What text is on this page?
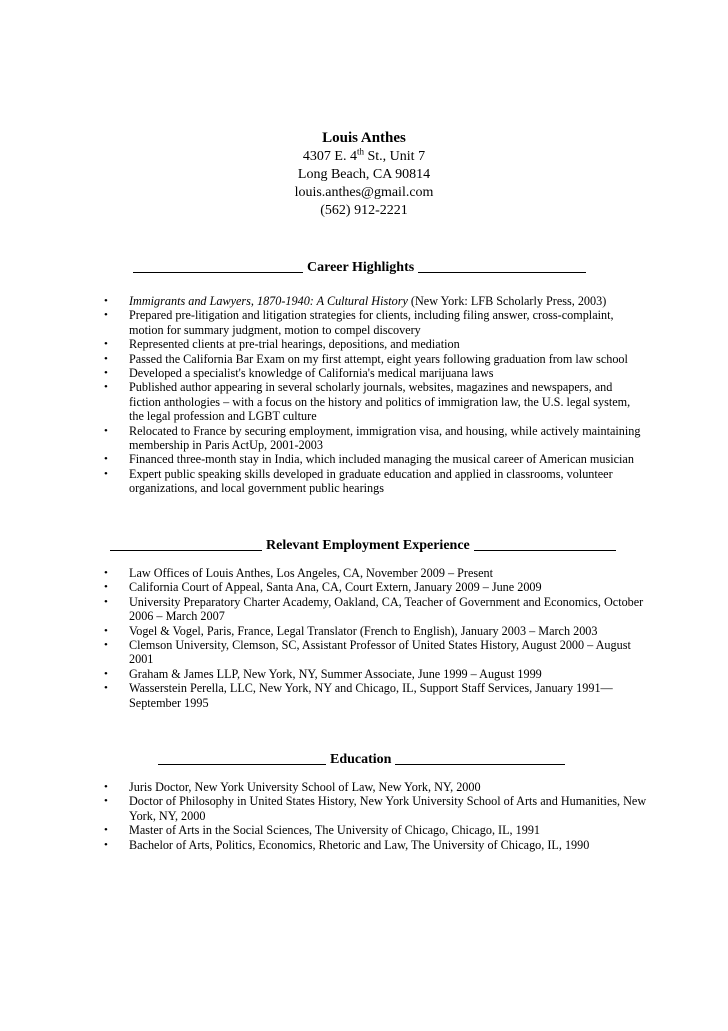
Louis Anthes
4307 E. 4th St., Unit 7
Long Beach, CA 90814
louis.anthes@gmail.com
(562) 912-2221
Career Highlights
• Immigrants and Lawyers, 1870-1940: A Cultural History (New York: LFB Scholarly Press, 2003)
• Prepared pre-litigation and litigation strategies for clients, including filing answer, cross-complaint, motion for summary judgment, motion to compel discovery
• Represented clients at pre-trial hearings, depositions, and mediation
• Passed the California Bar Exam on my first attempt, eight years following graduation from law school
• Developed a specialist's knowledge of California's medical marijuana laws
• Published author appearing in several scholarly journals, websites, magazines and newspapers, and fiction anthologies – with a focus on the history and politics of immigration law, the U.S. legal system, the legal profession and LGBT culture
• Relocated to France by securing employment, immigration visa, and housing, while actively maintaining membership in Paris ActUp, 2001-2003
• Financed three-month stay in India, which included managing the musical career of American musician
• Expert public speaking skills developed in graduate education and applied in classrooms, volunteer organizations, and local government public hearings
Relevant Employment Experience
• Law Offices of Louis Anthes, Los Angeles, CA, November 2009 – Present
• California Court of Appeal, Santa Ana, CA, Court Extern, January 2009 – June 2009
• University Preparatory Charter Academy, Oakland, CA, Teacher of Government and Economics, October 2006 – March 2007
• Vogel & Vogel, Paris, France, Legal Translator (French to English), January 2003 – March 2003
• Clemson University, Clemson, SC, Assistant Professor of United States History, August 2000 – August 2001
• Graham & James LLP, New York, NY, Summer Associate, June 1999 – August 1999
• Wasserstein Perella, LLC, New York, NY and Chicago, IL, Support Staff Services, January 1991— September 1995
Education
• Juris Doctor, New York University School of Law, New York, NY, 2000
• Doctor of Philosophy in United States History, New York University School of Arts and Humanities, New York, NY, 2000
• Master of Arts in the Social Sciences, The University of Chicago, Chicago, IL, 1991
• Bachelor of Arts, Politics, Economics, Rhetoric and Law, The University of Chicago, IL, 1990
